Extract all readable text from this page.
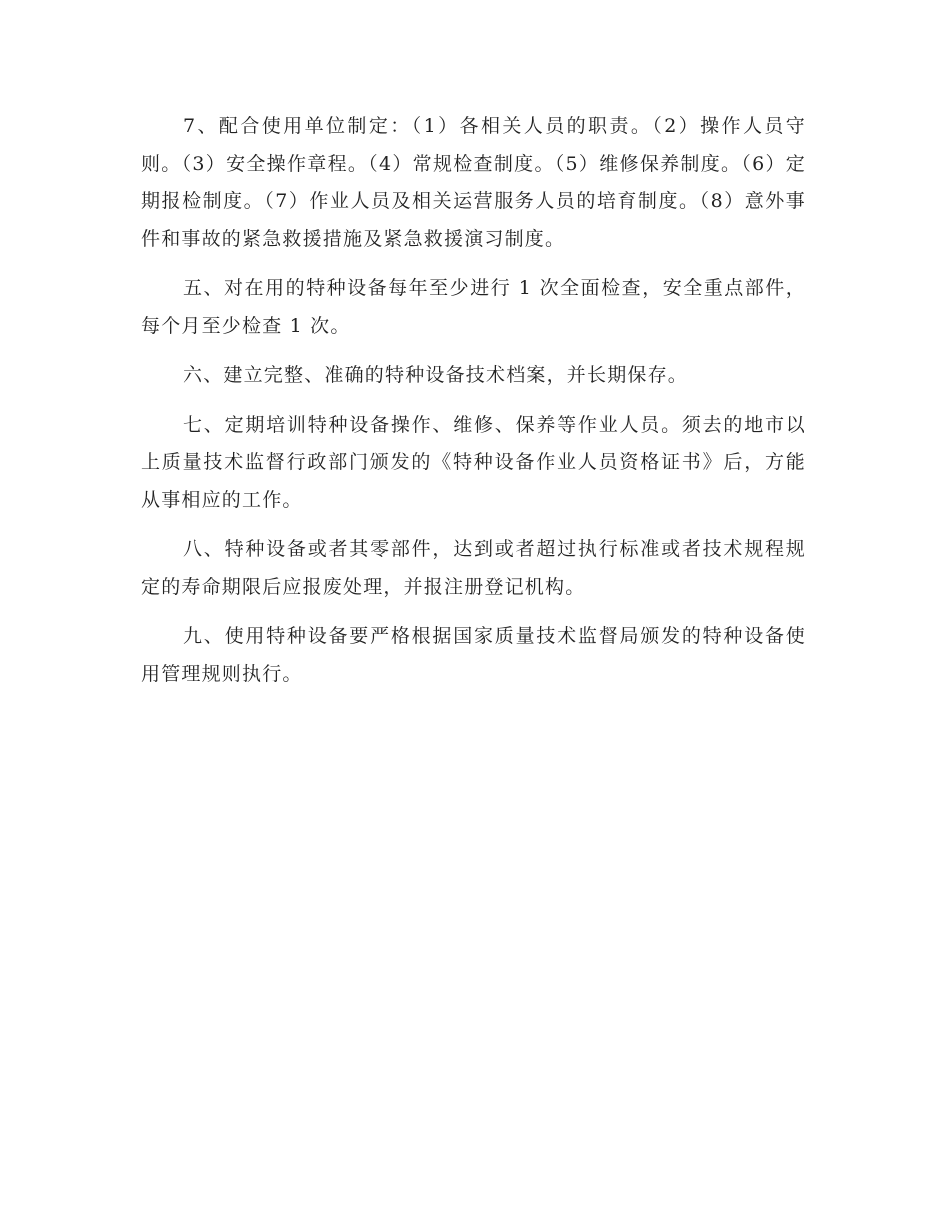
7、配合使用单位制定：（1）各相关人员的职责。（2）操作人员守则。（3）安全操作章程。（4）常规检查制度。（5）维修保养制度。（6）定期报检制度。（7）作业人员及相关运营服务人员的培育制度。（8）意外事件和事故的紧急救援措施及紧急救援演习制度。

五、对在用的特种设备每年至少进行 1 次全面检查，安全重点部件，每个月至少检查 1 次。

六、建立完整、准确的特种设备技术档案，并长期保存。

七、定期培训特种设备操作、维修、保养等作业人员。须去的地市以上质量技术监督行政部门颁发的《特种设备作业人员资格证书》后，方能从事相应的工作。

八、特种设备或者其零部件，达到或者超过执行标准或者技术规程规定的寿命期限后应报废处理，并报注册登记机构。

九、使用特种设备要严格根据国家质量技术监督局颁发的特种设备使用管理规则执行。
